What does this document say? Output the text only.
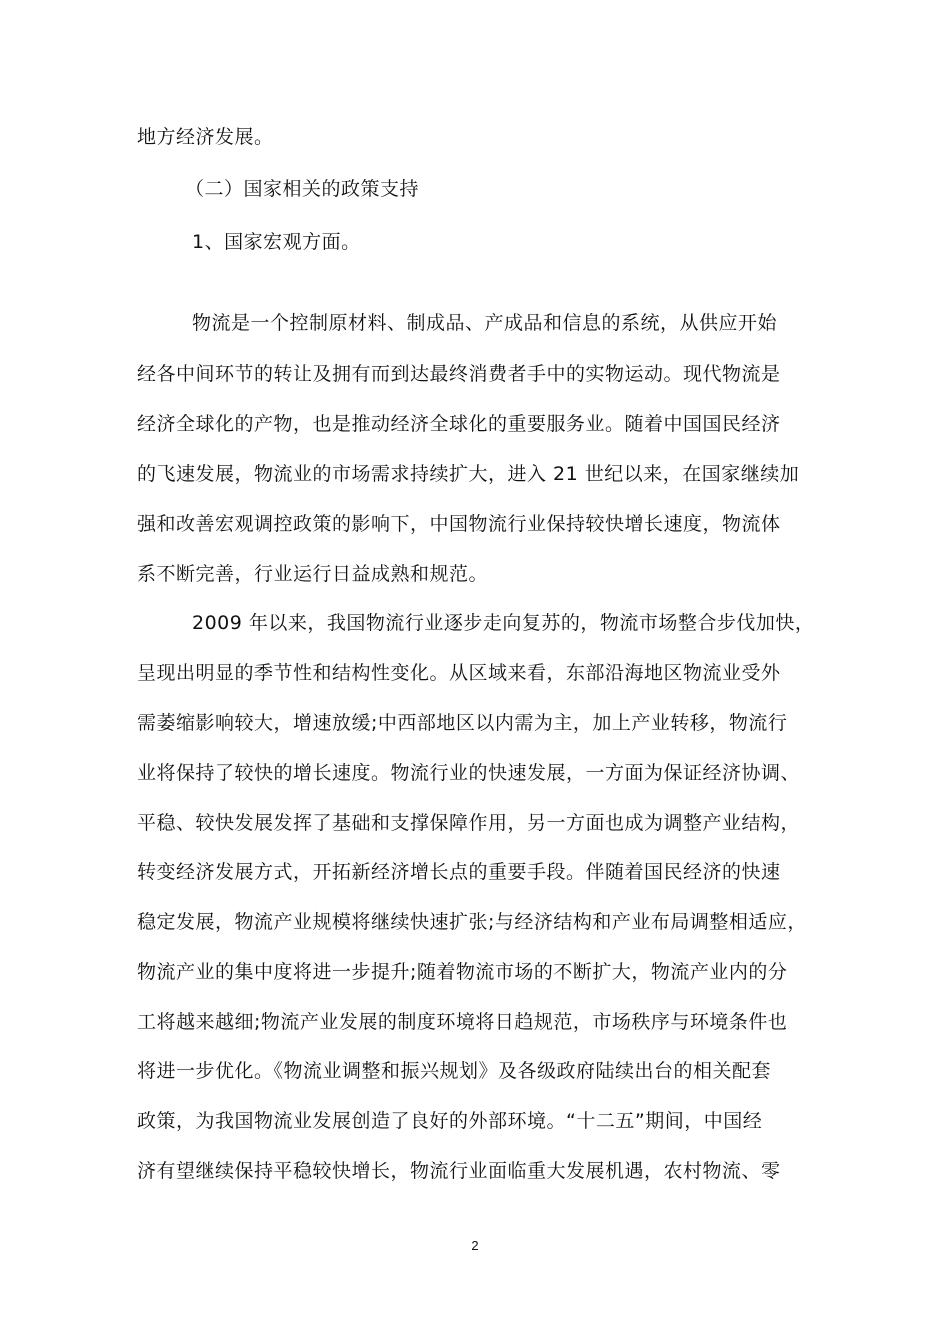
地方经济发展。
（二）国家相关的政策支持
1、国家宏观方面。
物流是一个控制原材料、制成品、产成品和信息的系统，从供应开始
经各中间环节的转让及拥有而到达最终消费者手中的实物运动。现代物流是
经济全球化的产物，也是推动经济全球化的重要服务业。随着中国国民经济
的飞速发展，物流业的市场需求持续扩大，进入 21 世纪以来，在国家继续加
强和改善宏观调控政策的影响下，中国物流行业保持较快增长速度，物流体
系不断完善，行业运行日益成熟和规范。
2009 年以来，我国物流行业逐步走向复苏的，物流市场整合步伐加快，
呈现出明显的季节性和结构性变化。从区域来看，东部沿海地区物流业受外
需萎缩影响较大，增速放缓;中西部地区以内需为主，加上产业转移，物流行
业将保持了较快的增长速度。物流行业的快速发展，一方面为保证经济协调、
平稳、较快发展发挥了基础和支撑保障作用，另一方面也成为调整产业结构，
转变经济发展方式，开拓新经济增长点的重要手段。伴随着国民经济的快速
稳定发展，物流产业规模将继续快速扩张;与经济结构和产业布局调整相适应，
物流产业的集中度将进一步提升;随着物流市场的不断扩大，物流产业内的分
工将越来越细;物流产业发展的制度环境将日趋规范，市场秩序与环境条件也
将进一步优化。《物流业调整和振兴规划》及各级政府陆续出台的相关配套
政策，为我国物流业发展创造了良好的外部环境。“十二五”期间，中国经
济有望继续保持平稳较快增长，物流行业面临重大发展机遇，农村物流、零
2
